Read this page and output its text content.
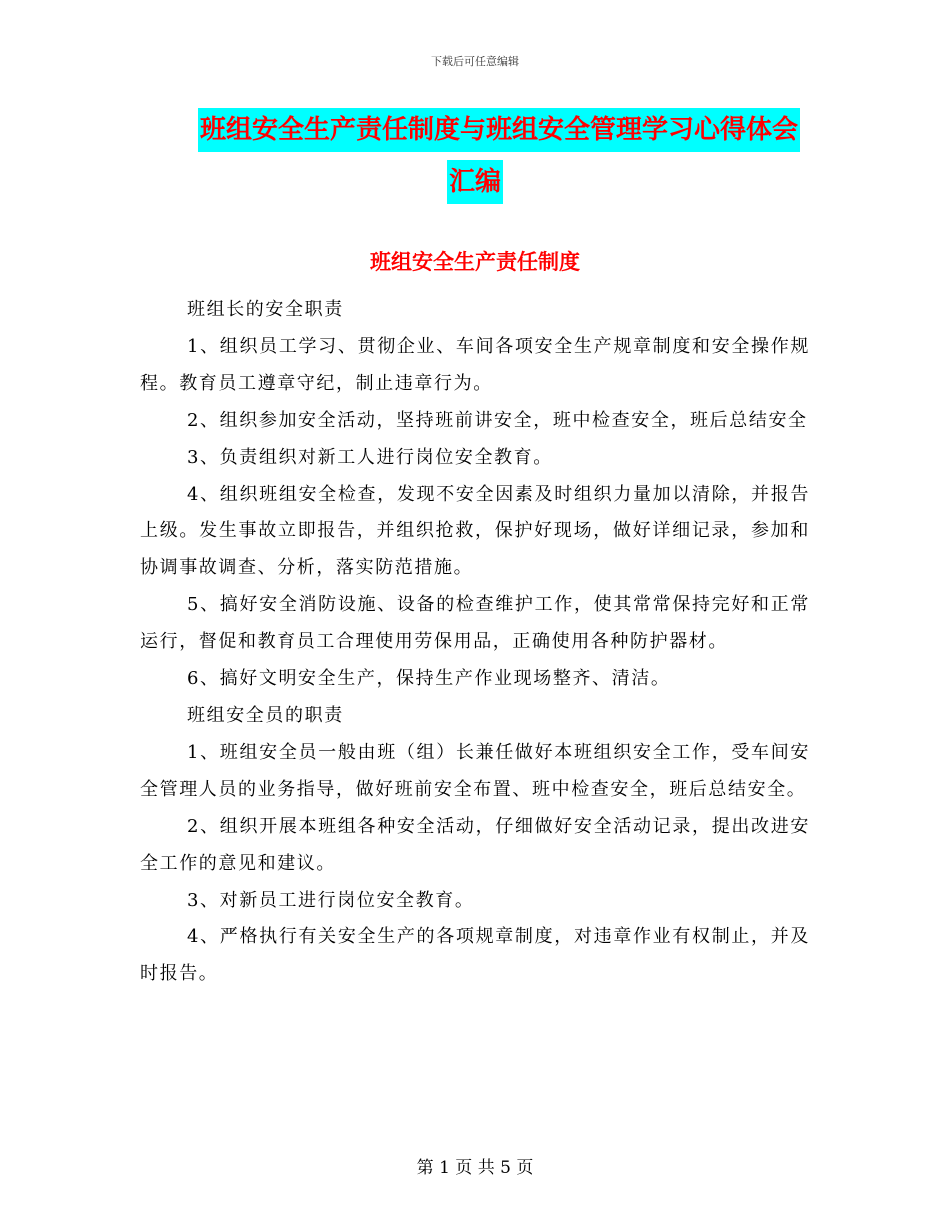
下载后可任意编辑
班组安全生产责任制度与班组安全管理学习心得体会
汇编
班组安全生产责任制度

班组长的安全职责

1、组织员工学习、贯彻企业、车间各项安全生产规章制度和安全操作规程。教育员工遵章守纪，制止违章行为。

2、组织参加安全活动，坚持班前讲安全，班中检查安全，班后总结安全

3、负责组织对新工人进行岗位安全教育。

4、组织班组安全检查，发现不安全因素及时组织力量加以清除，并报告上级。发生事故立即报告，并组织抢救，保护好现场，做好详细记录，参加和协调事故调查、分析，落实防范措施。

5、搞好安全消防设施、设备的检查维护工作，使其常常保持完好和正常运行，督促和教育员工合理使用劳保用品，正确使用各种防护器材。

6、搞好文明安全生产，保持生产作业现场整齐、清洁。

班组安全员的职责

1、班组安全员一般由班（组）长兼任做好本班组织安全工作，受车间安全管理人员的业务指导，做好班前安全布置、班中检查安全，班后总结安全。

2、组织开展本班组各种安全活动，仔细做好安全活动记录，提出改进安全工作的意见和建议。

3、对新员工进行岗位安全教育。

4、严格执行有关安全生产的各项规章制度，对违章作业有权制止，并及时报告。

第 1 页 共 5 页
